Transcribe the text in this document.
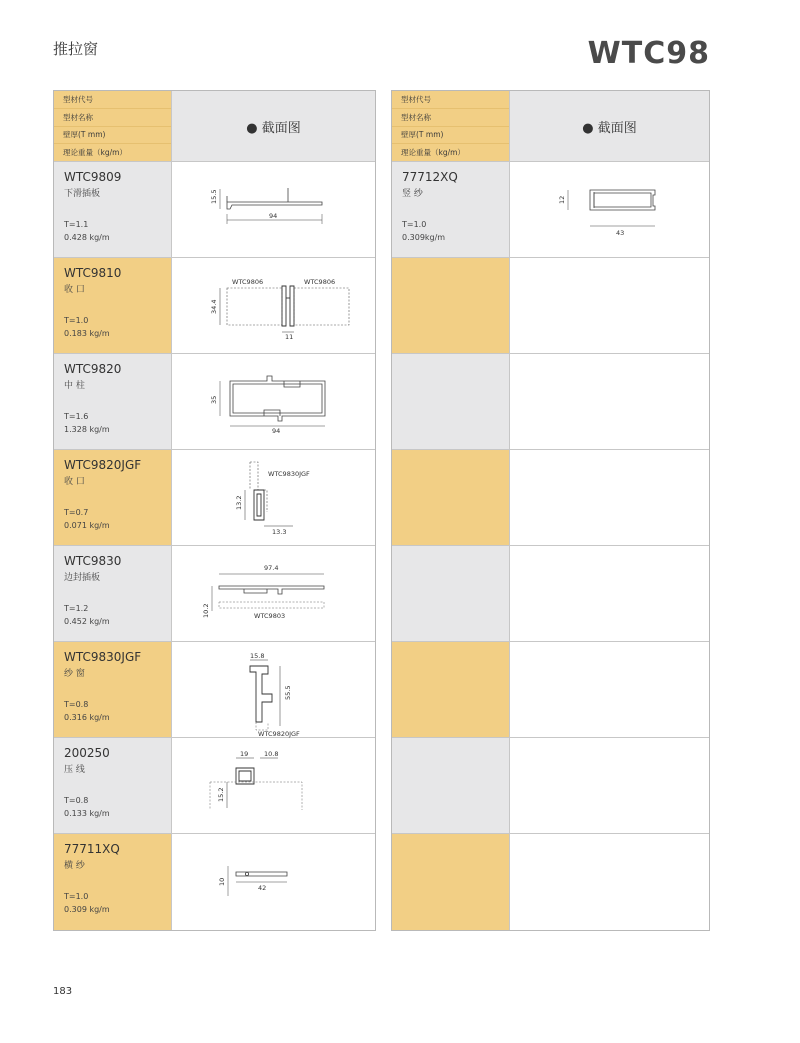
推拉窗	WTC98
型材代号
型材名称
壁厚(T mm)
理论重量（kg/m）
● 截面图
WTC9809
下滑插板
T=1.1
0.428 kg/m
15.5
94
WTC9810
收 口
T=1.0
0.183 kg/m
34.4
11
WTC9806	WTC9806
WTC9820
中 柱
T=1.6
1.328 kg/m
35
94
WTC9820JGF
收 口
T=0.7
0.071 kg/m
13.2
13.3
WTC9830JGF
WTC9830
边封插板
T=1.2
0.452 kg/m
97.4
10.2	WTC9803
WTC9830JGF
纱 窗
T=0.8
0.316 kg/m
15.8
55.5
WTC9820JGF
200250
压 线
T=0.8
0.133 kg/m
19 10.8
15.2
77711XQ
横 纱
T=1.0
0.309 kg/m
10
42
型材代号
型材名称
壁厚(T mm)
理论重量（kg/m）
● 截面图
77712XQ
竖 纱
T=1.0
0.309kg/m
12
43
183
